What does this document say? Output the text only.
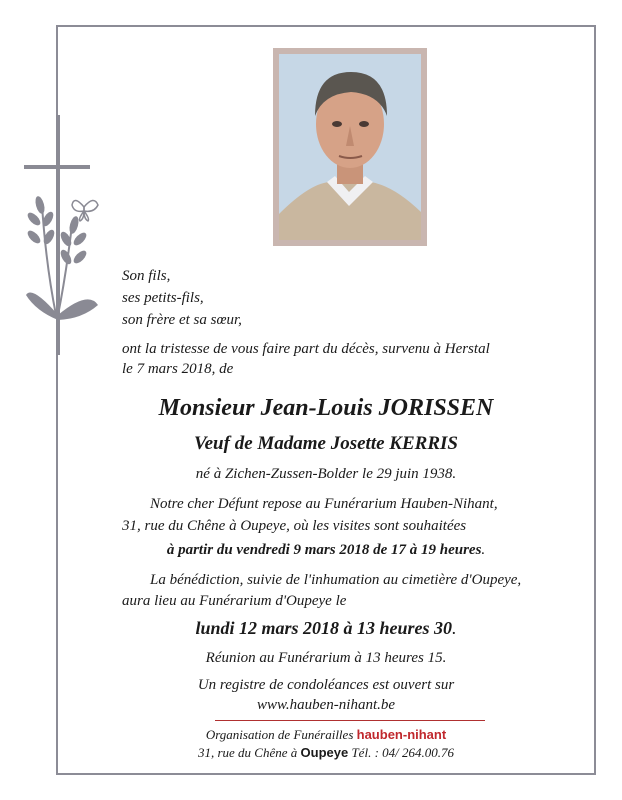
Son fils,
ses petits-fils,
son frère et sa sœur,
ont la tristesse de vous faire part du décès, survenu à Herstal
le 7 mars 2018, de
Monsieur Jean-Louis JORISSEN
Veuf de Madame Josette KERRIS
né à Zichen-Zussen-Bolder le 29 juin 1938.
Notre cher Défunt repose au Funérarium Hauben-Nihant,
31, rue du Chêne à Oupeye, où les visites sont souhaitées
à partir du vendredi 9 mars 2018 de 17 à 19 heures.
La bénédiction, suivie de l'inhumation au cimetière d'Oupeye,
aura lieu au Funérarium d'Oupeye le
lundi 12 mars 2018 à 13 heures 30.
Réunion au Funérarium à 13 heures 15.
Un registre de condoléances est ouvert sur
www.hauben-nihant.be
Organisation de Funérailles hauben-nihant
31, rue du Chêne à Oupeye Tél. : 04/ 264.00.76
